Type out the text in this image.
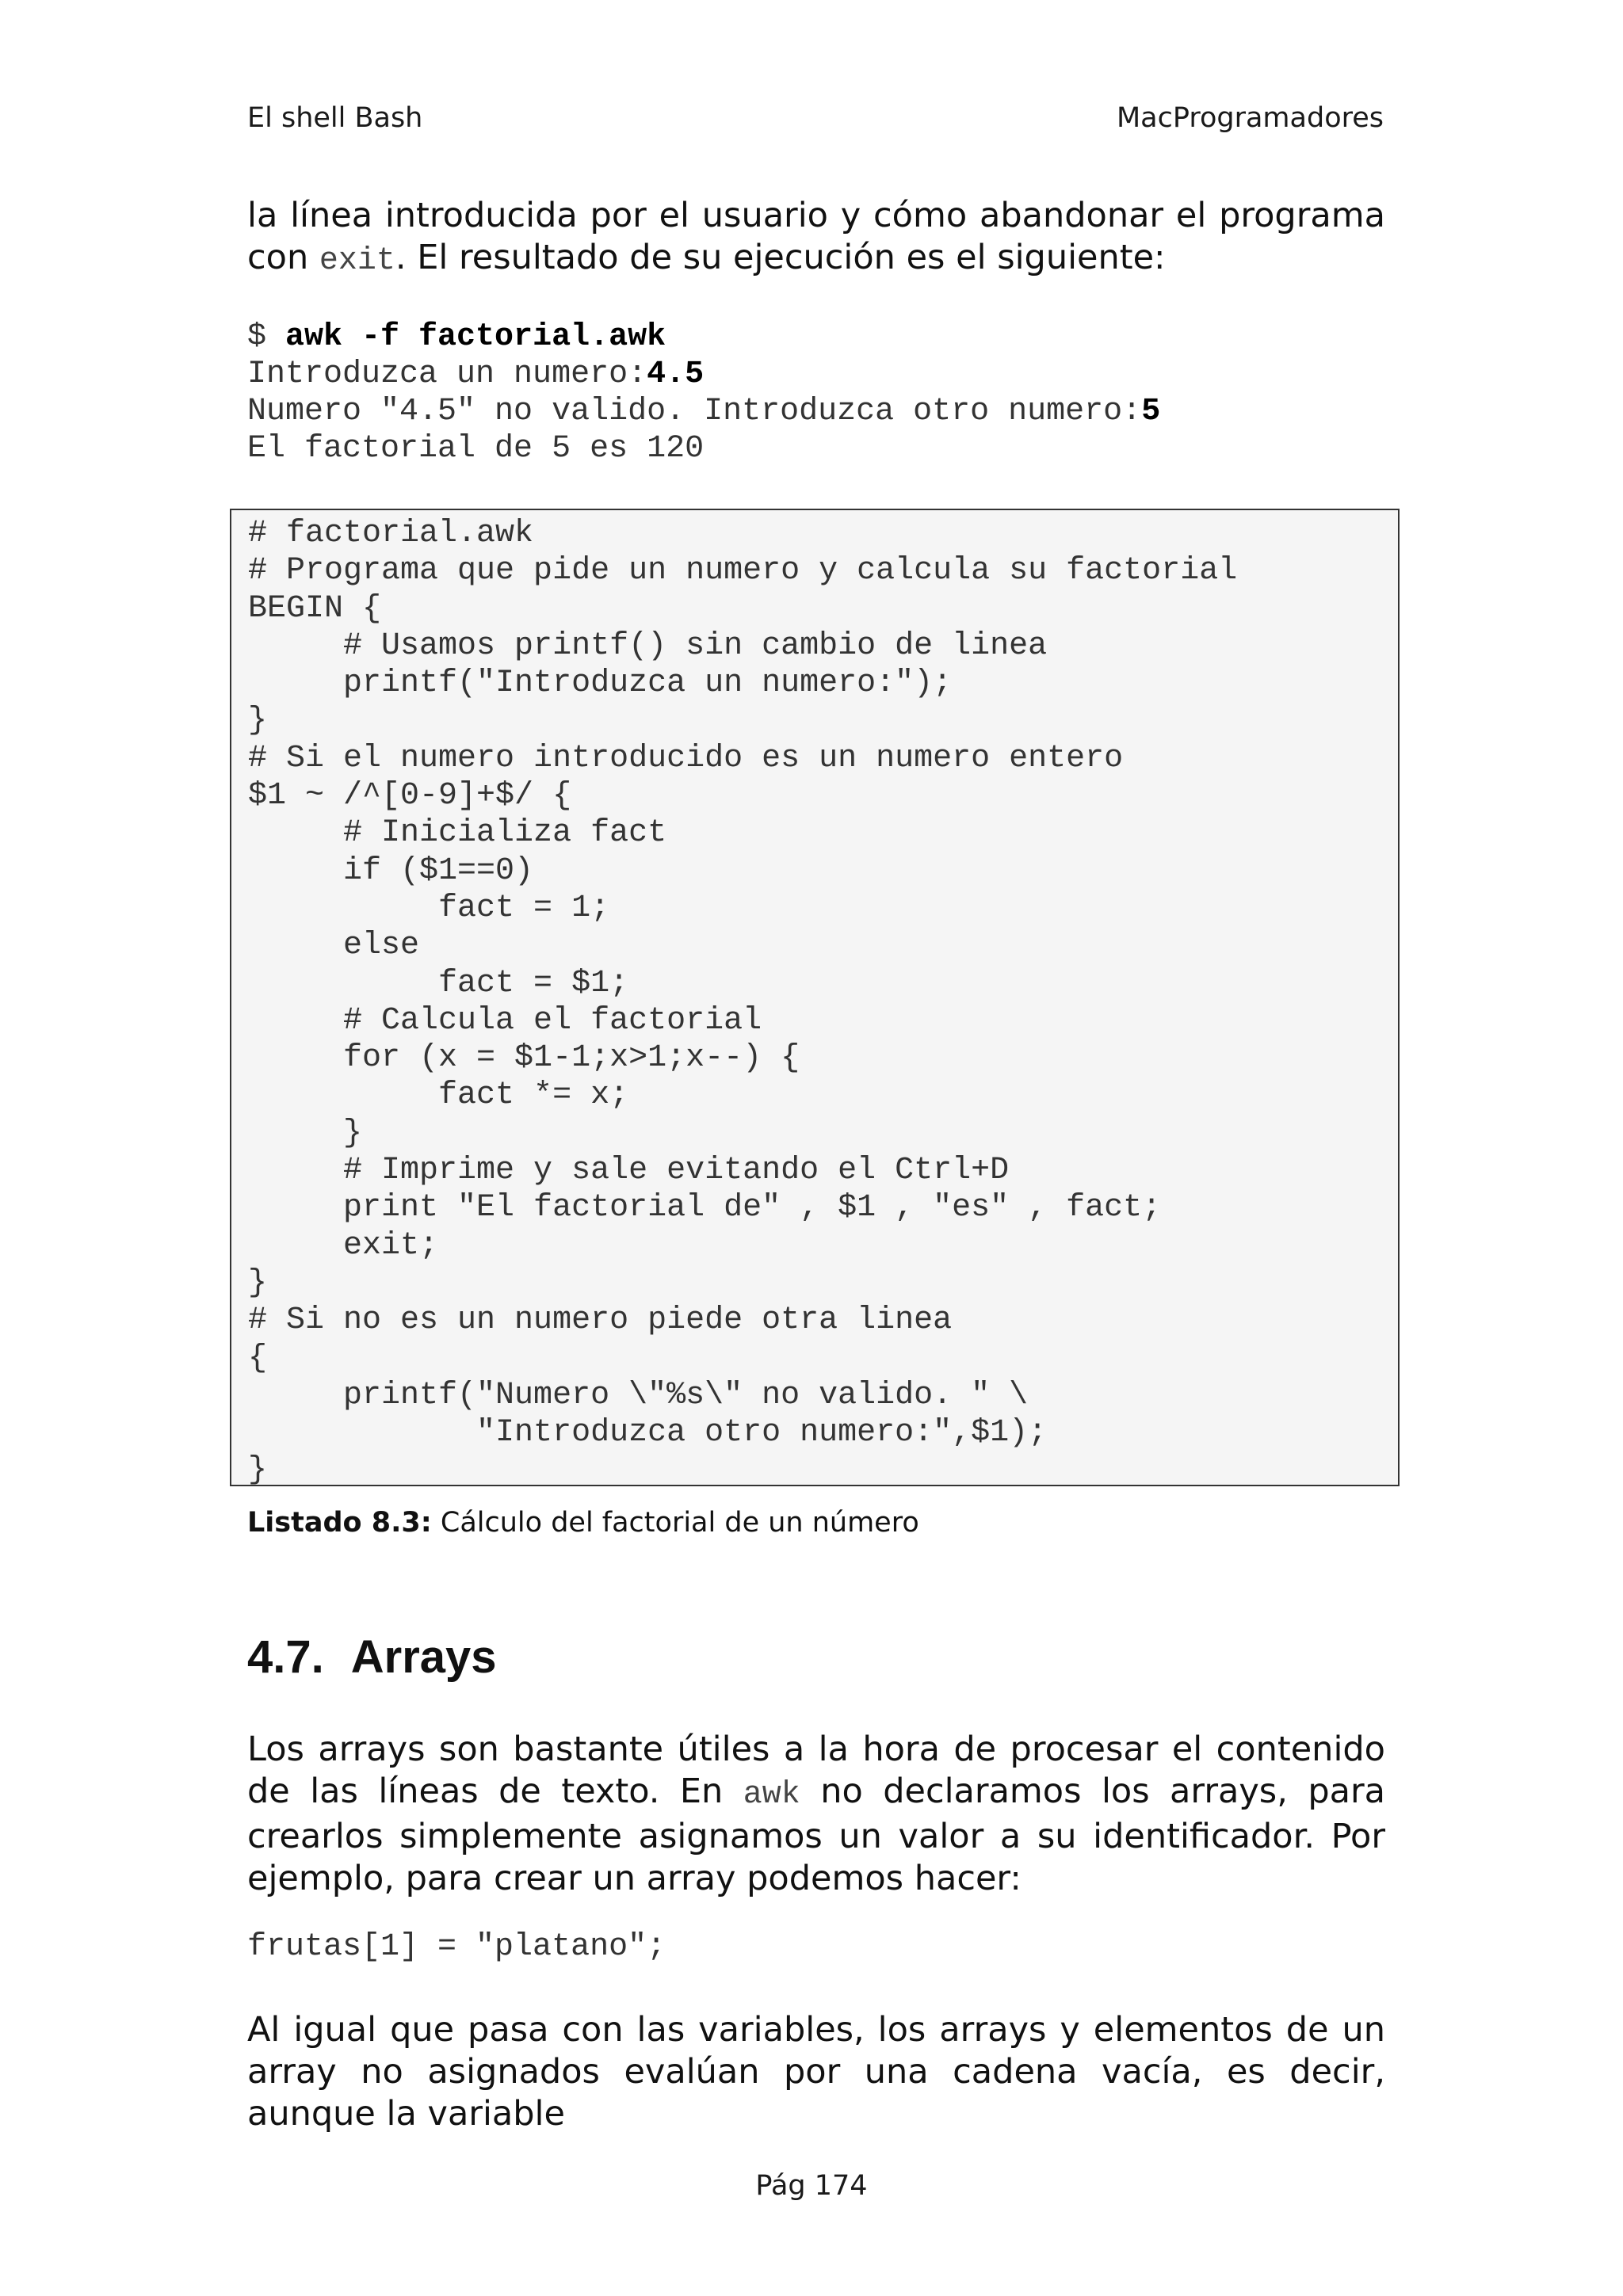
El shell Bash	MacProgramadores
la línea introducida por el usuario y cómo abandonar el programa con exit. El resultado de su ejecución es el siguiente:
$ awk -f factorial.awk
Introduzca un numero:4.5
Numero "4.5" no valido. Introduzca otro numero:5
El factorial de 5 es 120
# factorial.awk
# Programa que pide un numero y calcula su factorial
BEGIN {
# Usamos printf() sin cambio de linea
printf("Introduzca un numero:");
}
# Si el numero introducido es un numero entero
$1 ~ /^[0-9]+$/ {
# Inicializa fact
if ($1==0)
fact = 1;
else
fact = $1;
# Calcula el factorial
for (x = $1-1;x>1;x--) {
fact *= x;
}
# Imprime y sale evitando el Ctrl+D
print "El factorial de" , $1 , "es" , fact;
exit;
}
# Si no es un numero piede otra linea
{
printf("Numero \"%s\" no valido. " \
"Introduzca otro numero:",$1);
}
Listado 8.3: Cálculo del factorial de un número
4.7. Arrays
Los arrays son bastante útiles a la hora de procesar el contenido de las líneas de texto. En awk no declaramos los arrays, para crearlos simplemente asignamos un valor a su identificador. Por ejemplo, para crear un array podemos hacer:
frutas[1] = "platano";
Al igual que pasa con las variables, los arrays y elementos de un array no asignados evalúan por una cadena vacía, es decir, aunque la variable
Pág 174
